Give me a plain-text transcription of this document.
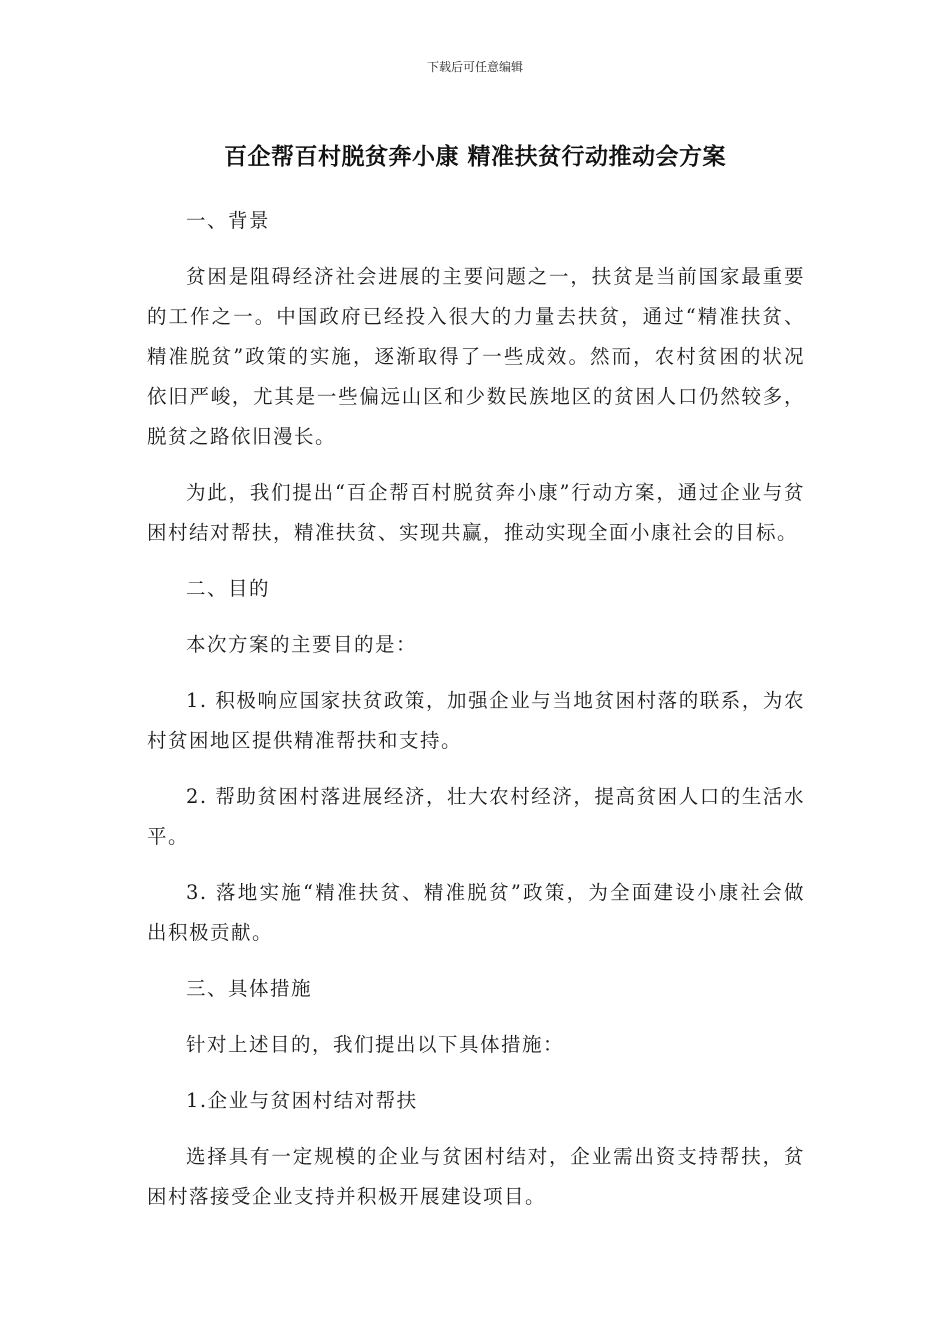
下载后可任意编辑
百企帮百村脱贫奔小康 精准扶贫行动推动会方案

一、背景

贫困是阻碍经济社会进展的主要问题之一，扶贫是当前国家最重要的工作之一。中国政府已经投入很大的力量去扶贫，通过“精准扶贫、精准脱贫”政策的实施，逐渐取得了一些成效。然而，农村贫困的状况依旧严峻，尤其是一些偏远山区和少数民族地区的贫困人口仍然较多，脱贫之路依旧漫长。

为此，我们提出“百企帮百村脱贫奔小康”行动方案，通过企业与贫困村结对帮扶，精准扶贫、实现共赢，推动实现全面小康社会的目标。

二、目的

本次方案的主要目的是：

1. 积极响应国家扶贫政策，加强企业与当地贫困村落的联系，为农村贫困地区提供精准帮扶和支持。

2. 帮助贫困村落进展经济，壮大农村经济，提高贫困人口的生活水平。

3. 落地实施“精准扶贫、精准脱贫”政策，为全面建设小康社会做出积极贡献。

三、具体措施

针对上述目的，我们提出以下具体措施：

1.企业与贫困村结对帮扶

选择具有一定规模的企业与贫困村结对，企业需出资支持帮扶，贫困村落接受企业支持并积极开展建设项目。
